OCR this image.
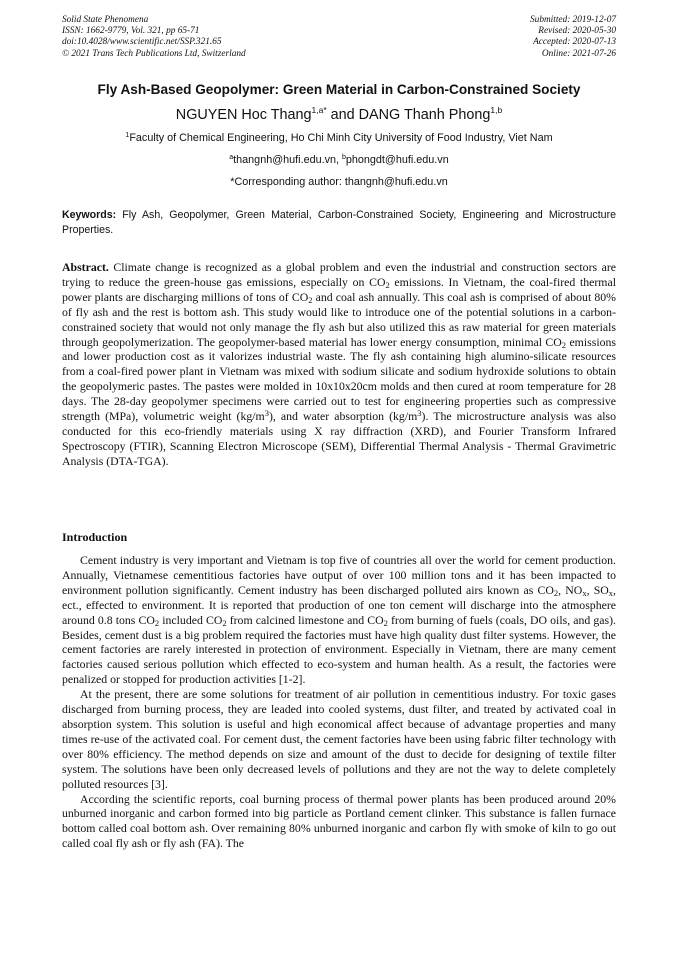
Solid State Phenomena
ISSN: 1662-9779, Vol. 321, pp 65-71
doi:10.4028/www.scientific.net/SSP.321.65
© 2021 Trans Tech Publications Ltd, Switzerland
Submitted: 2019-12-07
Revised: 2020-05-30
Accepted: 2020-07-13
Online: 2021-07-26
Fly Ash-Based Geopolymer: Green Material in Carbon-Constrained Society
NGUYEN Hoc Thang$^{1,a*}$ and DANG Thanh Phong$^{1,b}$
$^1$Faculty of Chemical Engineering, Ho Chi Minh City University of Food Industry, Viet Nam
$^a$thangnh@hufi.edu.vn, $^b$phongdt@hufi.edu.vn
*Corresponding author: thangnh@hufi.edu.vn
Keywords: Fly Ash, Geopolymer, Green Material, Carbon-Constrained Society, Engineering and Microstructure Properties.

Abstract. Climate change is recognized as a global problem and even the industrial and construction sectors are trying to reduce the green-house gas emissions, especially on $CO_2$ emissions. In Vietnam, the coal-fired thermal power plants are discharging millions of tons of $CO_2$ and coal ash annually. This coal ash is comprised of about 80% of fly ash and the rest is bottom ash. This study would like to introduce one of the potential solutions in a carbon-constrained society that would not only manage the fly ash but also utilized this as raw material for green materials through geopolymerization. The geopolymer-based material has lower energy consumption, minimal $CO_2$ emissions and lower production cost as it valorizes industrial waste. The fly ash containing high alumino-silicate resources from a coal-fired power plant in Vietnam was mixed with sodium silicate and sodium hydroxide solutions to obtain the geopolymeric pastes. The pastes were molded in 10x10x20cm molds and then cured at room temperature for 28 days. The 28-day geopolymer specimens were carried out to test for engineering properties such as compressive strength (MPa), volumetric weight $(kg/m^3)$, and water absorption $(kg/m^3)$. The microstructure analysis was also conducted for this eco-friendly materials using X ray diffraction (XRD), and Fourier Transform Infrared Spectroscopy (FTIR), Scanning Electron Microscope (SEM), Differential Thermal Analysis - Thermal Gravimetric Analysis (DTA-TGA).

Introduction

Cement industry is very important and Vietnam is top five of countries all over the world for cement production. Annually, Vietnamese cementitious factories have output of over 100 million tons and it has been impacted to environment pollution significantly. Cement industry has been discharged polluted airs known as $CO_2$, $NO_x$, $SO_x$, ect., effected to environment. It is reported that production of one ton cement will discharge into the atmosphere around 0.8 tons $CO_2$ included $CO_2$ from calcined limestone and $CO_2$ from burning of fuels (coals, DO oils, and gas). Besides, cement dust is a big problem required the factories must have high quality dust filter systems. However, the cement factories are rarely interested in protection of environment. Especially in Vietnam, there are many cement factories caused serious pollution which effected to eco-system and human health. As a result, the factories were penalized or stopped for production activities [1-2].

At the present, there are some solutions for treatment of air pollution in cementitious industry. For toxic gases discharged from burning process, they are leaded into cooled systems, dust filter, and treated by activated coal in absorption system. This solution is useful and high economical affect because of advantage properties and many times re-use of the activated coal. For cement dust, the cement factories have been using fabric filter technology with over 80% efficiency. The method depends on size and amount of the dust to decide for designing of textile filter system. The solutions have been only decreased levels of pollutions and they are not the way to delete completely polluted resources [3].

According the scientific reports, coal burning process of thermal power plants has been produced around 20% unburned inorganic and carbon formed into big particle as Portland cement clinker. This substance is fallen furnace bottom called coal bottom ash. Over remaining 80% unburned inorganic and carbon fly with smoke of kiln to go out called coal fly ash or fly ash (FA). The
